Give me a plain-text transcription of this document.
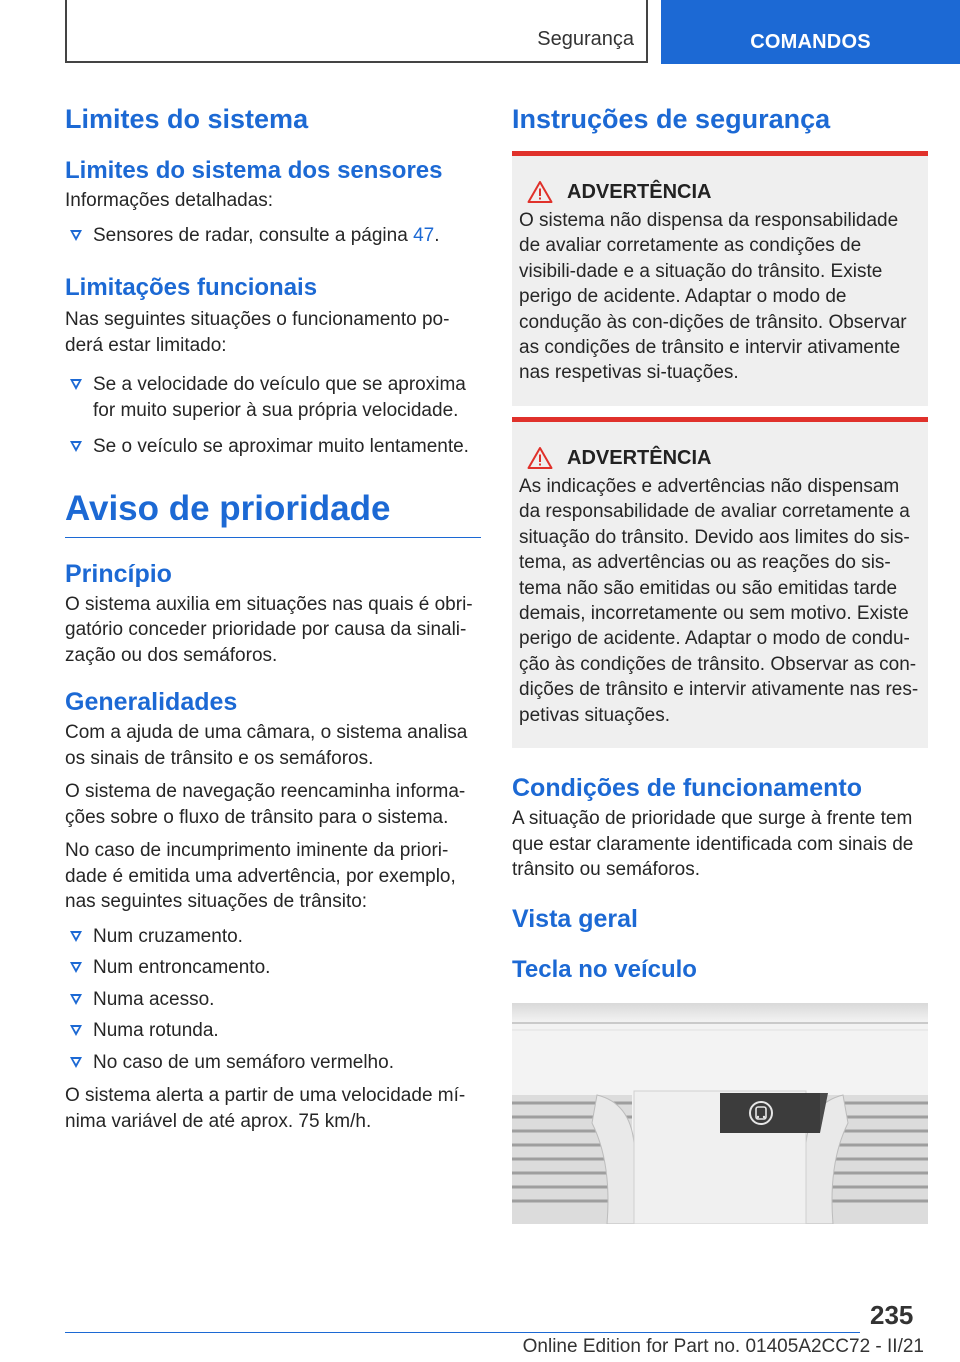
Segurança	COMANDOS
Limites do sistema
Limites do sistema dos sensores

Informações detalhadas:

Sensores de radar, consulte a página 47.
Limitações funcionais

Nas seguintes situações o funcionamento po-derá estar limitado:

Se a velocidade do veículo que se aproxima for muito superior à sua própria velocidade.
Se o veículo se aproximar muito lentamente.
Aviso de prioridade
Princípio

O sistema auxilia em situações nas quais é obri-gatório conceder prioridade por causa da sinali-zação ou dos semáforos.

Generalidades

Com a ajuda de uma câmara, o sistema analisa os sinais de trânsito e os semáforos.

O sistema de navegação reencaminha informa-ções sobre o fluxo de trânsito para o sistema.

No caso de incumprimento iminente da priori-dade é emitida uma advertência, por exemplo, nas seguintes situações de trânsito:

Num cruzamento.
Num entroncamento.
Numa acesso.
Numa rotunda.
No caso de um semáforo vermelho.

O sistema alerta a partir de uma velocidade mí-nima variável de até aprox. 75 km/h.

Instruções de segurança
ADVERTÊNCIA

O sistema não dispensa da responsabilidade de avaliar corretamente as condições de visibili-dade e a situação do trânsito. Existe perigo de acidente. Adaptar o modo de condução às con-dições de trânsito. Observar as condições de trânsito e intervir ativamente nas respetivas si-tuações.

ADVERTÊNCIA

As indicações e advertências não dispensam da responsabilidade de avaliar corretamente a situação do trânsito. Devido aos limites do sis-tema, as advertências ou as reações do sis-tema não são emitidas ou são emitidas tarde demais, incorretamente ou sem motivo. Existe perigo de acidente. Adaptar o modo de condu-ção às condições de trânsito. Observar as con-dições de trânsito e intervir ativamente nas res-petivas situações.

Condições de funcionamento

A situação de prioridade que surge à frente tem que estar claramente identificada com sinais de trânsito ou semáforos.

Vista geral
Tecla no veículo
235
Online Edition for Part no. 01405A2CC72 - II/21
